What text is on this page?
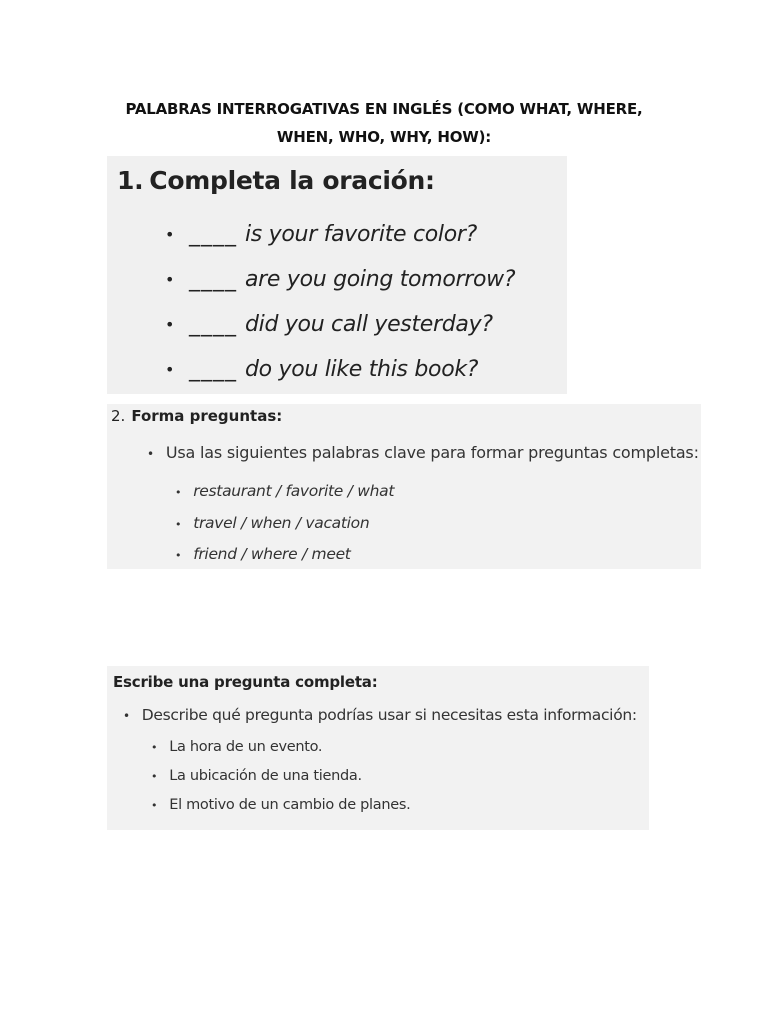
PALABRAS INTERROGATIVAS EN INGLÉS (COMO WHAT, WHERE,
WHEN, WHO, WHY, HOW):
1. Completa la oración:
• ____ is your favorite color?
• ____ are you going tomorrow?
• ____ did you call yesterday?
• ____ do you like this book?
2. Forma preguntas:
• Usa las siguientes palabras clave para formar preguntas completas:
• restaurant / favorite / what
• travel / when / vacation
• friend / where / meet
Escribe una pregunta completa:
• Describe qué pregunta podrías usar si necesitas esta información:
• La hora de un evento.
• La ubicación de una tienda.
• El motivo de un cambio de planes.
